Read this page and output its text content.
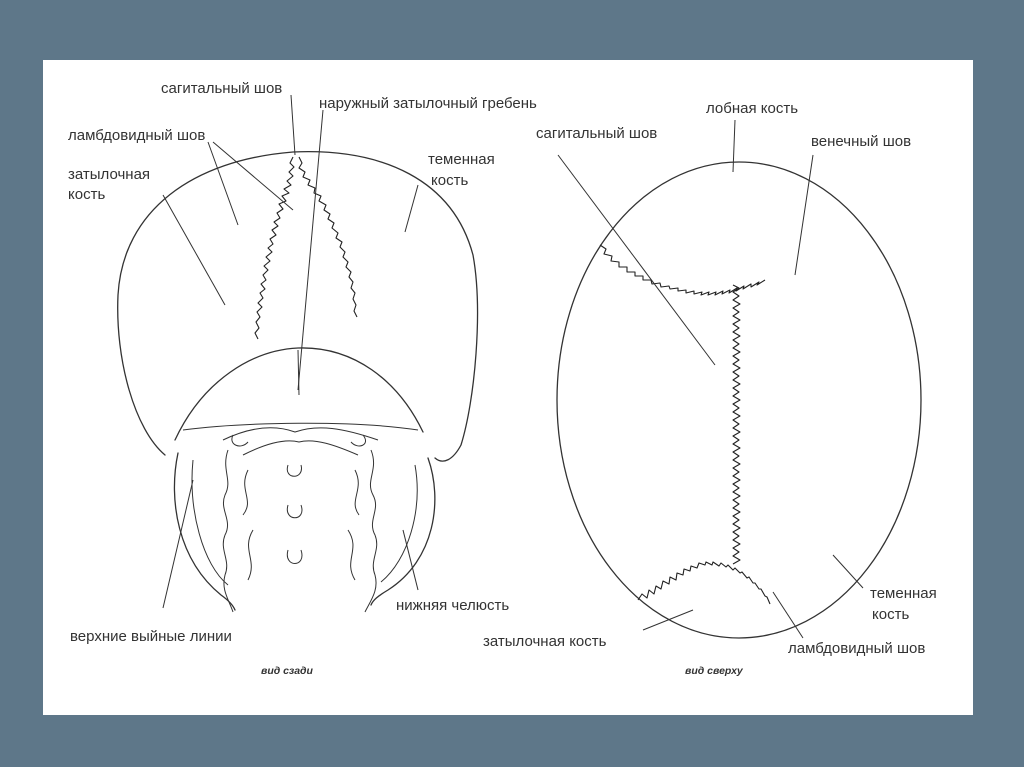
сагитальный шов
наружный затылочный гребень
ламбдовидный шов
затылочная
кость
теменная
кость
нижняя челюсть
верхние выйные линии
вид сзади
лобная кость
сагитальный шов	венечный шов
теменная
кость
затылочная кость	ламбдовидный шов
вид сверху
